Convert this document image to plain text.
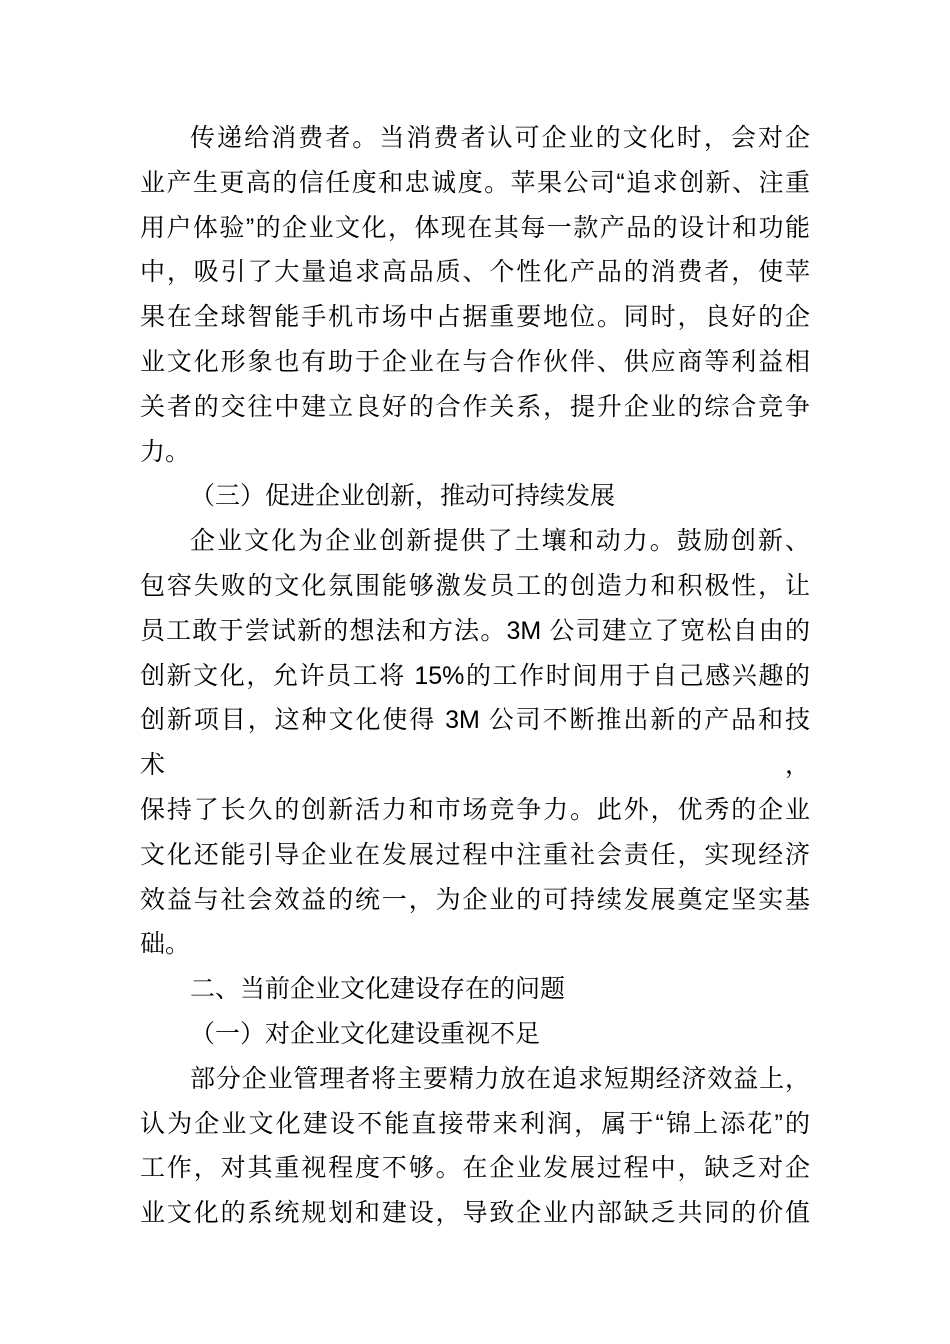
传递给消费者。当消费者认可企业的文化时，会对企

业产生更高的信任度和忠诚度。苹果公司“追求创新、注重

用户体验”的企业文化，体现在其每一款产品的设计和功能

中，吸引了大量追求高品质、个性化产品的消费者，使苹

果在全球智能手机市场中占据重要地位。同时，良好的企

业文化形象也有助于企业在与合作伙伴、供应商等利益相

关者的交往中建立良好的合作关系，提升企业的综合竞争

力。

（三）促进企业创新，推动可持续发展

企业文化为企业创新提供了土壤和动力。鼓励创新、

包容失败的文化氛围能够激发员工的创造力和积极性，让

员工敢于尝试新的想法和方法。3M 公司建立了宽松自由的

创新文化，允许员工将 15%的工作时间用于自己感兴趣的

创新项目，这种文化使得 3M 公司不断推出新的产品和技术，

保持了长久的创新活力和市场竞争力。此外，优秀的企业

文化还能引导企业在发展过程中注重社会责任，实现经济

效益与社会效益的统一，为企业的可持续发展奠定坚实基

础。

二、当前企业文化建设存在的问题

（一）对企业文化建设重视不足

部分企业管理者将主要精力放在追求短期经济效益上，

认为企业文化建设不能直接带来利润，属于“锦上添花”的

工作，对其重视程度不够。在企业发展过程中，缺乏对企

业文化的系统规划和建设，导致企业内部缺乏共同的价值
